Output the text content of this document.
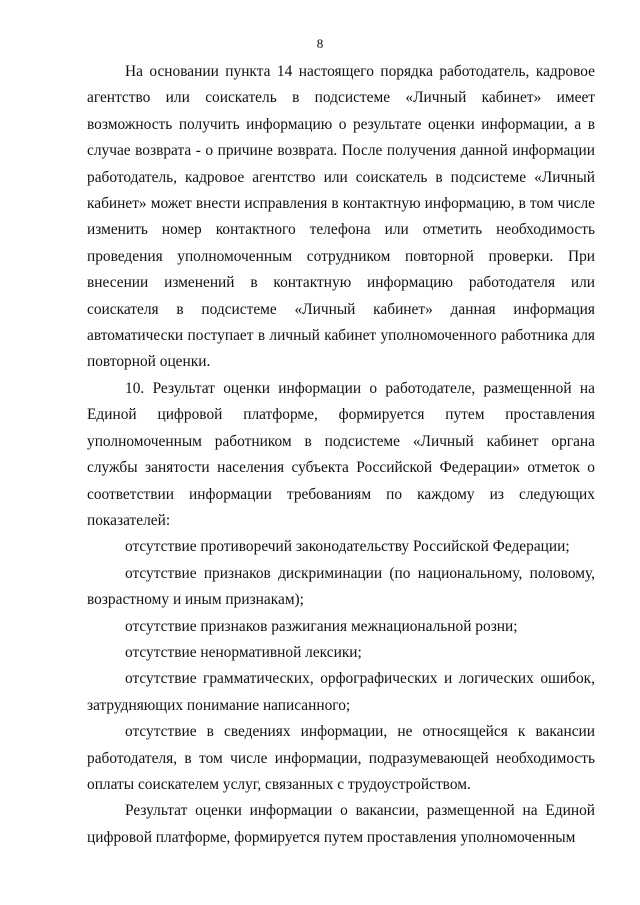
8

На основании пункта 14 настоящего порядка работодатель, кадровое агентство или соискатель в подсистеме «Личный кабинет» имеет возможность получить информацию о результате оценки информации, а в случае возврата - о причине возврата. После получения данной информации работодатель, кадровое агентство или соискатель в подсистеме «Личный кабинет» может внести исправления в контактную информацию, в том числе изменить номер контактного телефона или отметить необходимость проведения уполномоченным сотрудником повторной проверки. При внесении изменений в контактную информацию работодателя или соискателя в подсистеме «Личный кабинет» данная информация автоматически поступает в личный кабинет уполномоченного работника для повторной оценки.

10. Результат оценки информации о работодателе, размещенной на Единой цифровой платформе, формируется путем проставления уполномоченным работником в подсистеме «Личный кабинет органа службы занятости населения субъекта Российской Федерации» отметок о соответствии информации требованиям по каждому из следующих показателей:

отсутствие противоречий законодательству Российской Федерации;

отсутствие признаков дискриминации (по национальному, половому, возрастному и иным признакам);

отсутствие признаков разжигания межнациональной розни;

отсутствие ненормативной лексики;

отсутствие грамматических, орфографических и логических ошибок, затрудняющих понимание написанного;

отсутствие в сведениях информации, не относящейся к вакансии работодателя, в том числе информации, подразумевающей необходимость оплаты соискателем услуг, связанных с трудоустройством.

Результат оценки информации о вакансии, размещенной на Единой цифровой платформе, формируется путем проставления уполномоченным
